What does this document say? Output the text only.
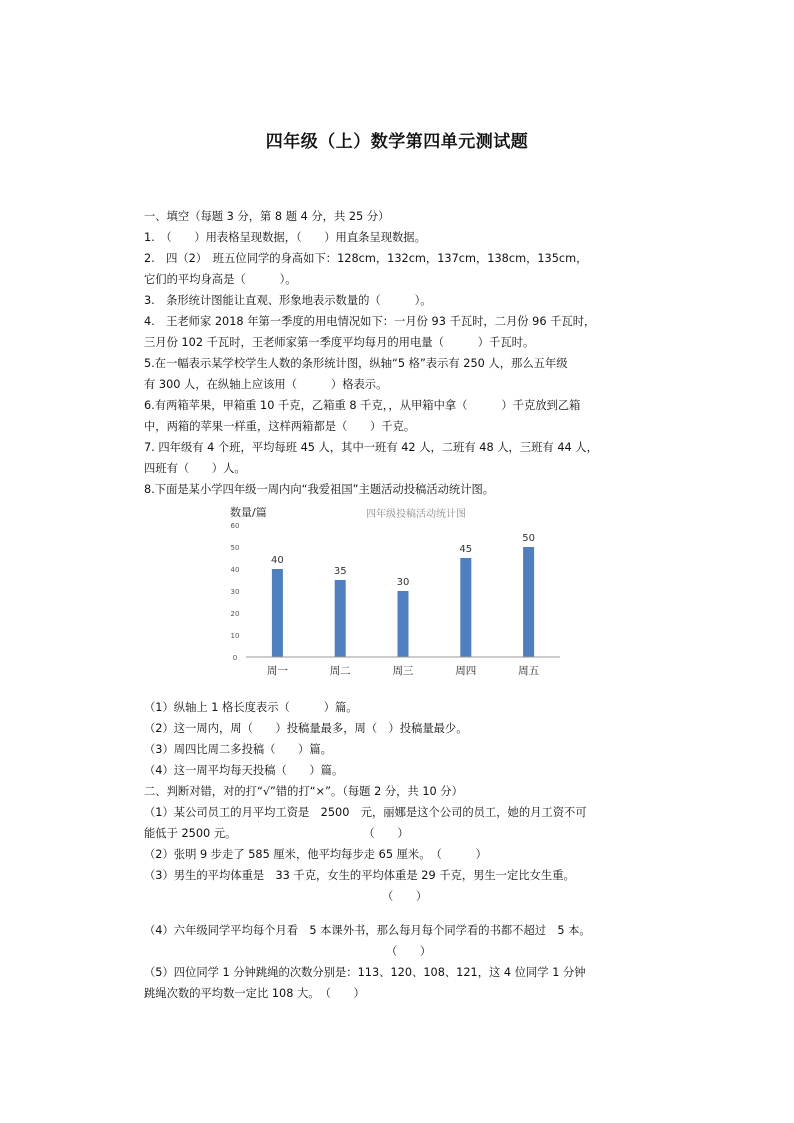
四年级（上）数学第四单元测试题
一、填空（每题 3 分，第 8 题 4 分，共 25 分）
1.　（　　）用表格呈现数据，（　　）用直条呈现数据。
2.　四（2）　班五位同学的身高如下：128cm，132cm，137cm，138cm，135cm，
它们的平均身高是（　　　）。
3.　条形统计图能让直观、形象地表示数量的（　　　）。
4.　王老师家 2018 年第一季度的用电情况如下：一月份 93 千瓦时，二月份 96 千瓦时，
三月份 102 千瓦时，王老师家第一季度平均每月的用电量（　　　）千瓦时。
5.在一幅表示某学校学生人数的条形统计图，纵轴“5 格”表示有 250 人，那么五年级
有 300 人，在纵轴上应该用（　　　）格表示。
6.有两箱苹果，甲箱重 10 千克，乙箱重 8 千克，，从甲箱中拿（　　　）千克放到乙箱
中，两箱的苹果一样重，这样两箱都是（　　）千克。
7. 四年级有 4 个班，平均每班 45 人，其中一班有 42 人，二班有 48 人，三班有 44 人，
四班有（　　）人。
8.下面是某小学四年级一周内向“我爱祖国”主题活动投稿活动统计图。
数量/篇	四年级投稿活动统计图
0
10
20
30
40
50
60
40
35
30
45
50
周一	周二	周三	周四	周五
（1）纵轴上 1 格长度表示（　　　）篇。
（2）这一周内，周（　　）投稿量最多，周（　）投稿量最少。
（3）周四比周二多投稿（　　）篇。
（4）这一周平均每天投稿（　　）篇。
二、判断对错，对的打“√”错的打“×”。（每题 2 分，共 10 分）
（1）某公司员工的月平均工资是　2500　元，丽娜是这个公司的员工，她的月工资不可
能低于 2500 元。	（　　）
（2）张明 9 步走了 585 厘米，他平均每步走 65 厘米。　（　　　）
（3）男生的平均体重是　33 千克，女生的平均体重是 29 千克，男生一定比女生重。
（　　）
（4）六年级同学平均每个月看　5 本课外书，那么每月每个同学看的书都不超过　5 本。
（　　）
（5）四位同学 1 分钟跳绳的次数分别是：113、120、108、121，这 4 位同学 1 分钟
跳绳次数的平均数一定比 108 大。　（　　）
